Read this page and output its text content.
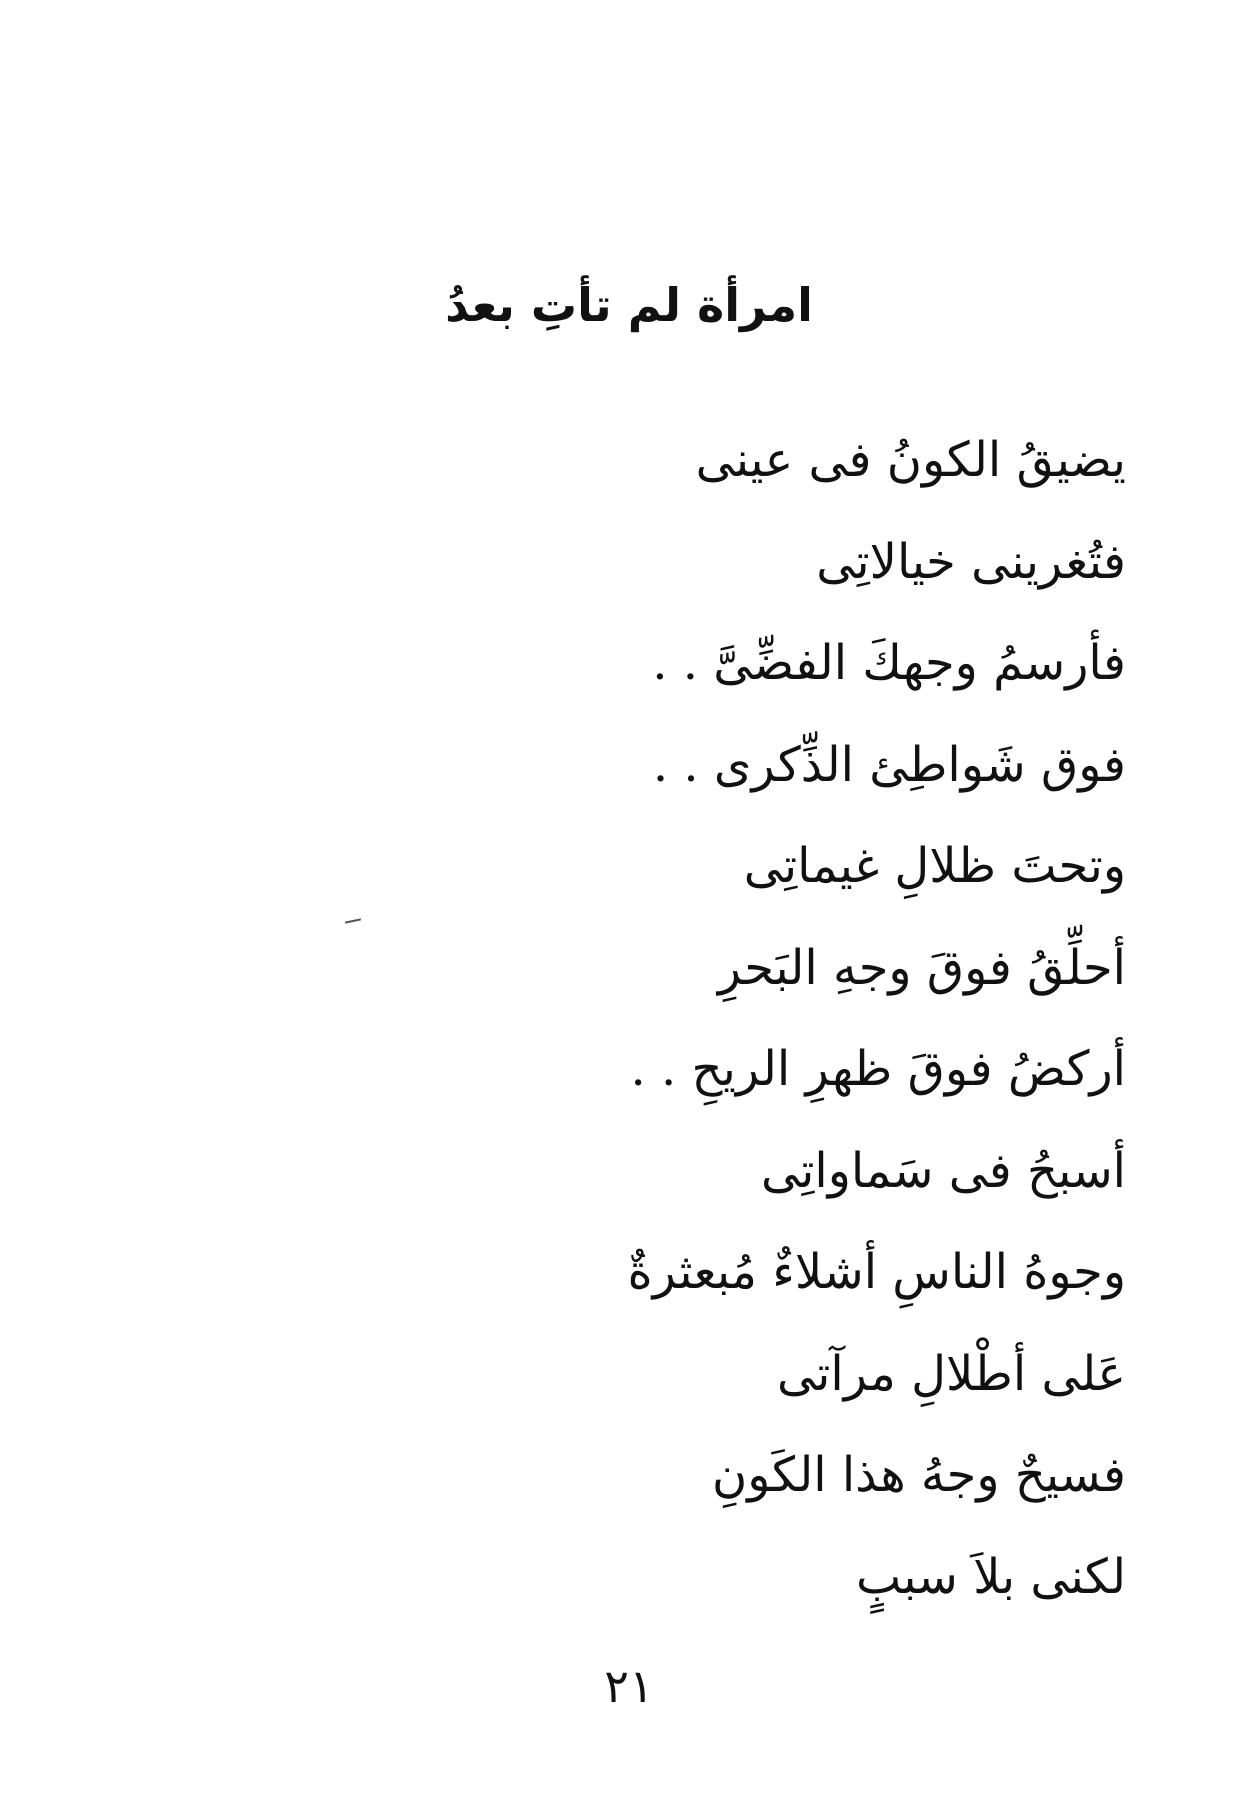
امرأة لم تأتِ بعدُ
يضيقُ الكونُ فى عينى
فتُغرينى خيالاتِى
فأرسمُ وجهكَ الفضِّىَّ . .
فوق شَواطِئ الذِّكرى . .
وتحتَ ظلالِ غيماتِى
أحلِّقُ فوقَ وجهِ البَحرِ
أركضُ فوقَ ظهرِ الريحِ . .
أسبحُ فى سَماواتِى
وجوهُ الناسِ أشلاءٌ مُبعثرةٌ
عَلى أطْلالِ مرآتى
فسيحٌ وجهُ هذا الكَونِ
لكنى بلاَ سببٍ
٢١
